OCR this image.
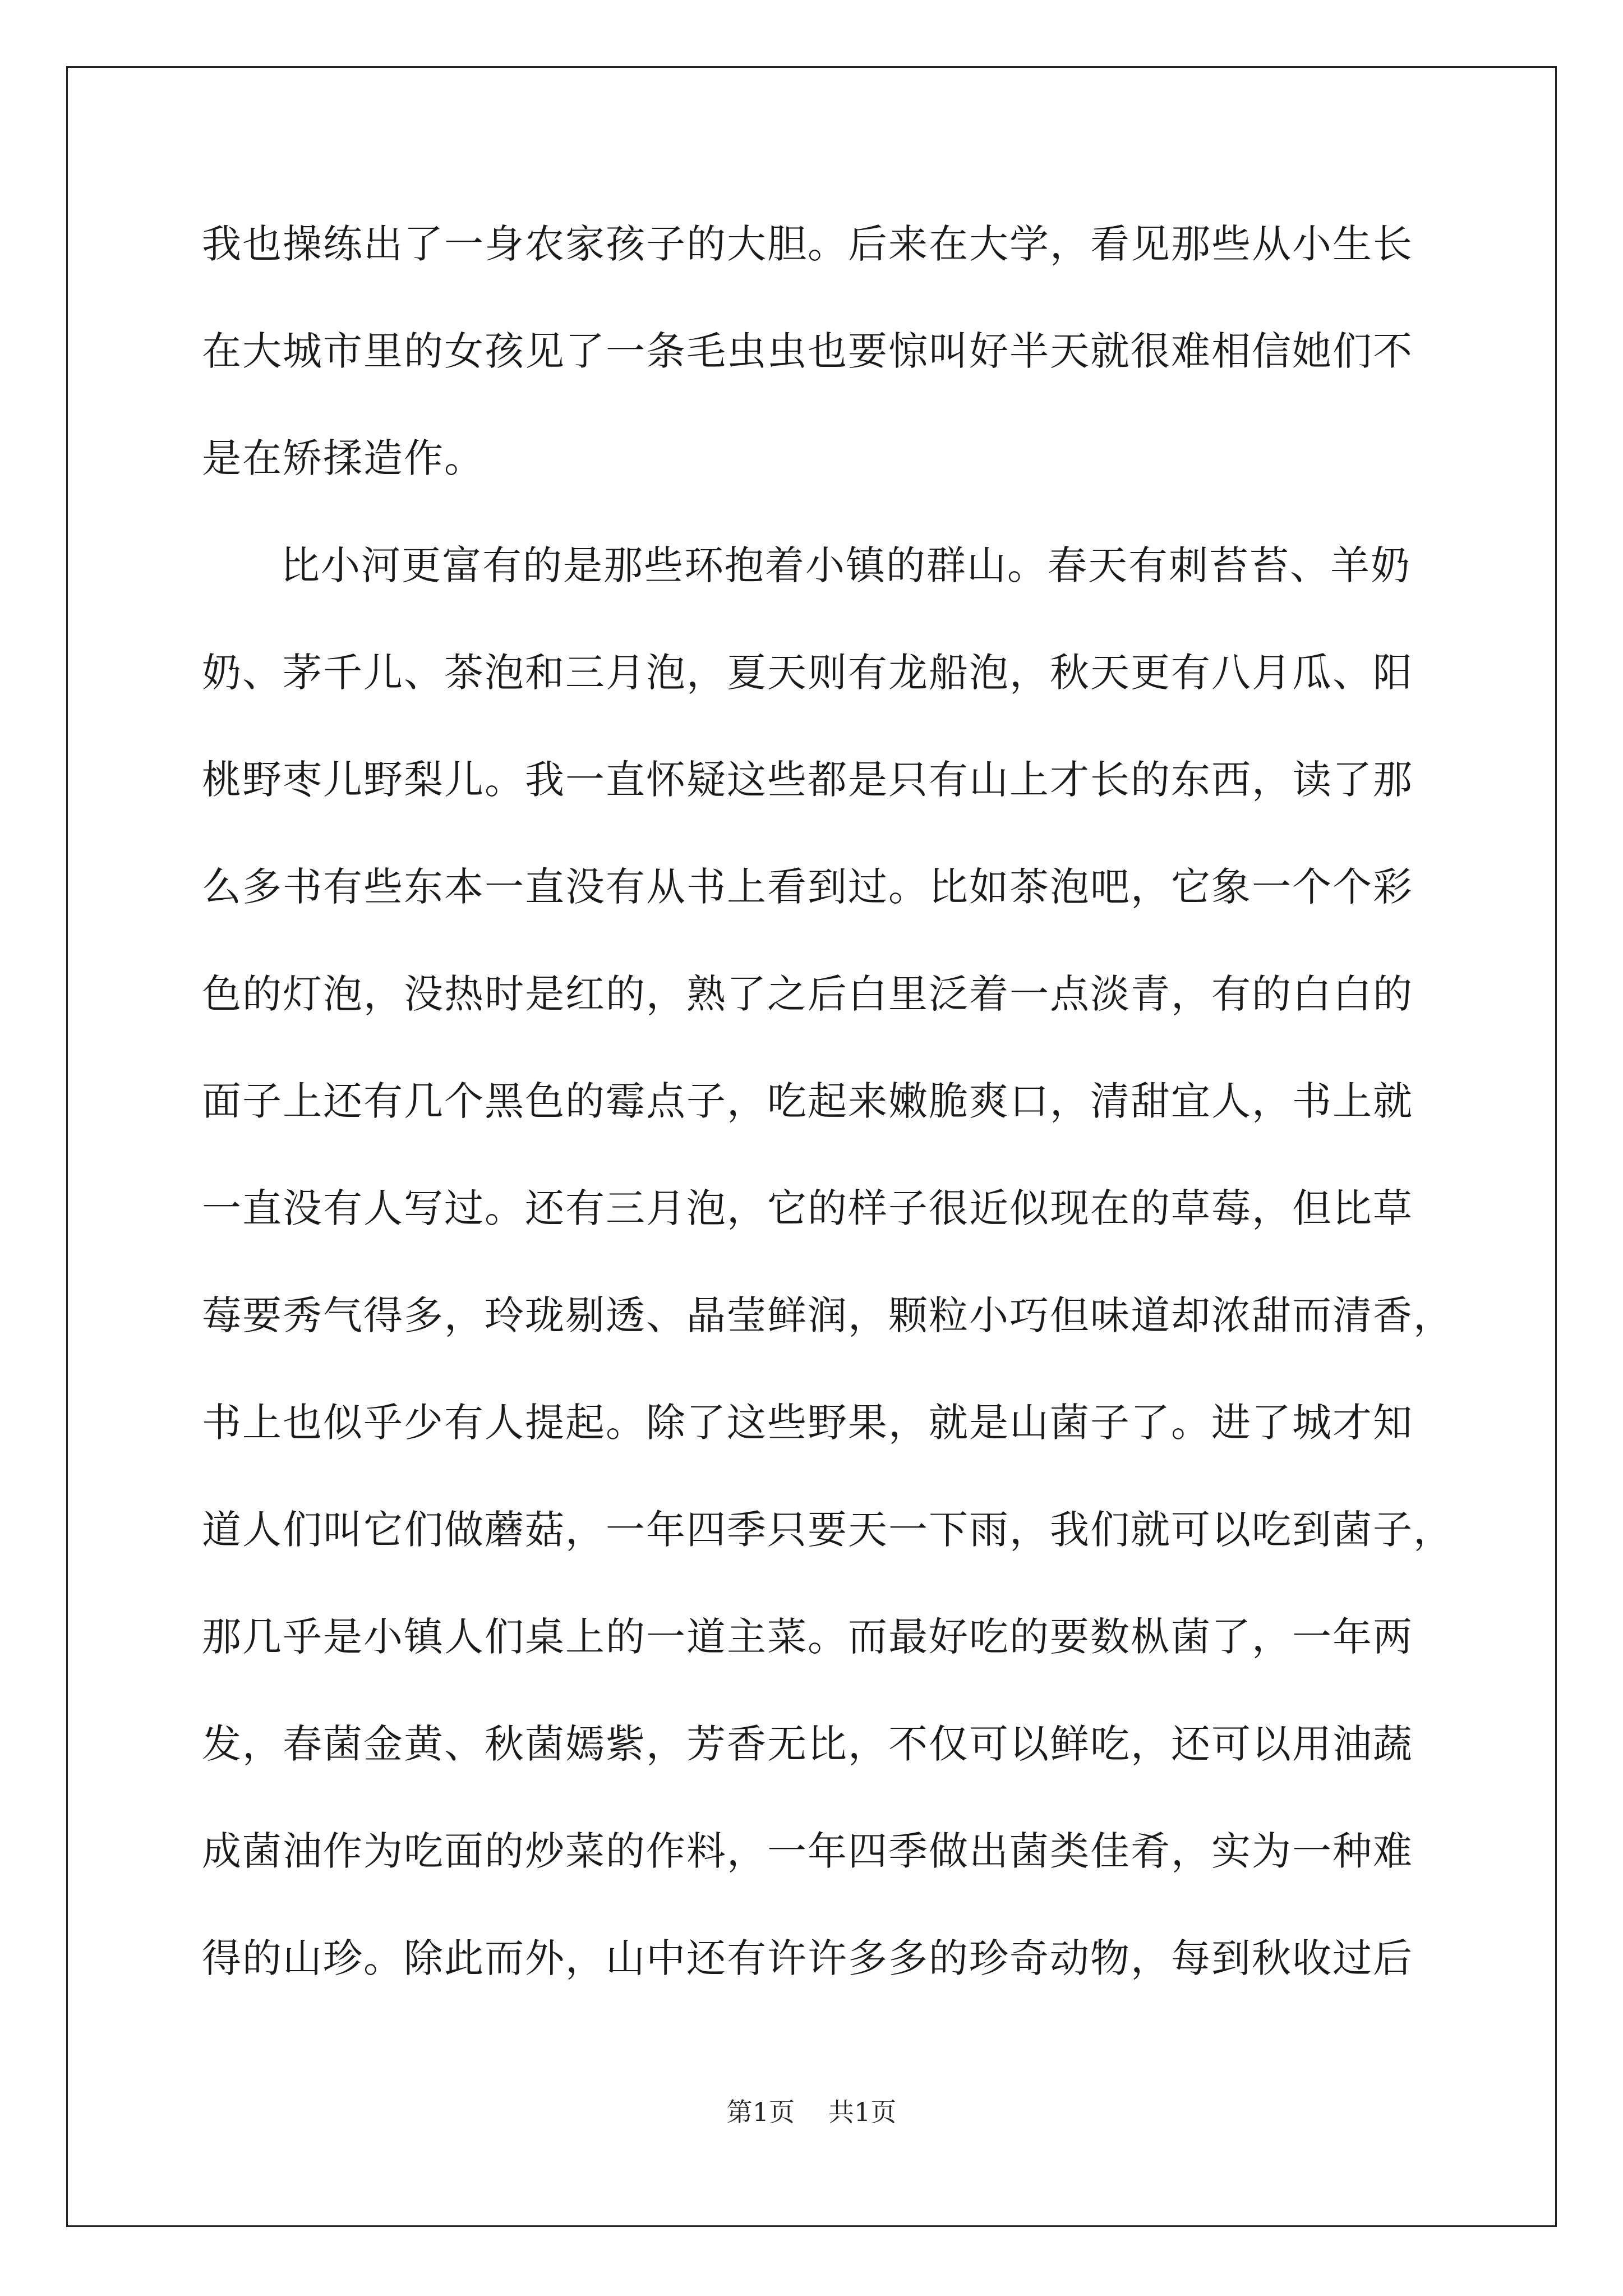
我也操练出了一身农家孩子的大胆。后来在大学，看见那些从小生长
在大城市里的女孩见了一条毛虫虫也要惊叫好半天就很难相信她们不
是在矫揉造作。
比小河更富有的是那些环抱着小镇的群山。春天有刺苔苔、羊奶
奶、茅千儿、茶泡和三月泡，夏天则有龙船泡，秋天更有八月瓜、阳
桃野枣儿野梨儿。我一直怀疑这些都是只有山上才长的东西，读了那
么多书有些东本一直没有从书上看到过。比如茶泡吧，它象一个个彩
色的灯泡，没热时是红的，熟了之后白里泛着一点淡青，有的白白的
面子上还有几个黑色的霉点子，吃起来嫩脆爽口，清甜宜人，书上就
一直没有人写过。还有三月泡，它的样子很近似现在的草莓，但比草
莓要秀气得多，玲珑剔透、晶莹鲜润，颗粒小巧但味道却浓甜而清香，
书上也似乎少有人提起。除了这些野果，就是山菌子了。进了城才知
道人们叫它们做蘑菇，一年四季只要天一下雨，我们就可以吃到菌子，
那几乎是小镇人们桌上的一道主菜。而最好吃的要数枞菌了，一年两
发，春菌金黄、秋菌嫣紫，芳香无比，不仅可以鲜吃，还可以用油蔬
成菌油作为吃面的炒菜的作料，一年四季做出菌类佳肴，实为一种难
得的山珍。除此而外，山中还有许许多多的珍奇动物，每到秋收过后
第1页 共1页
